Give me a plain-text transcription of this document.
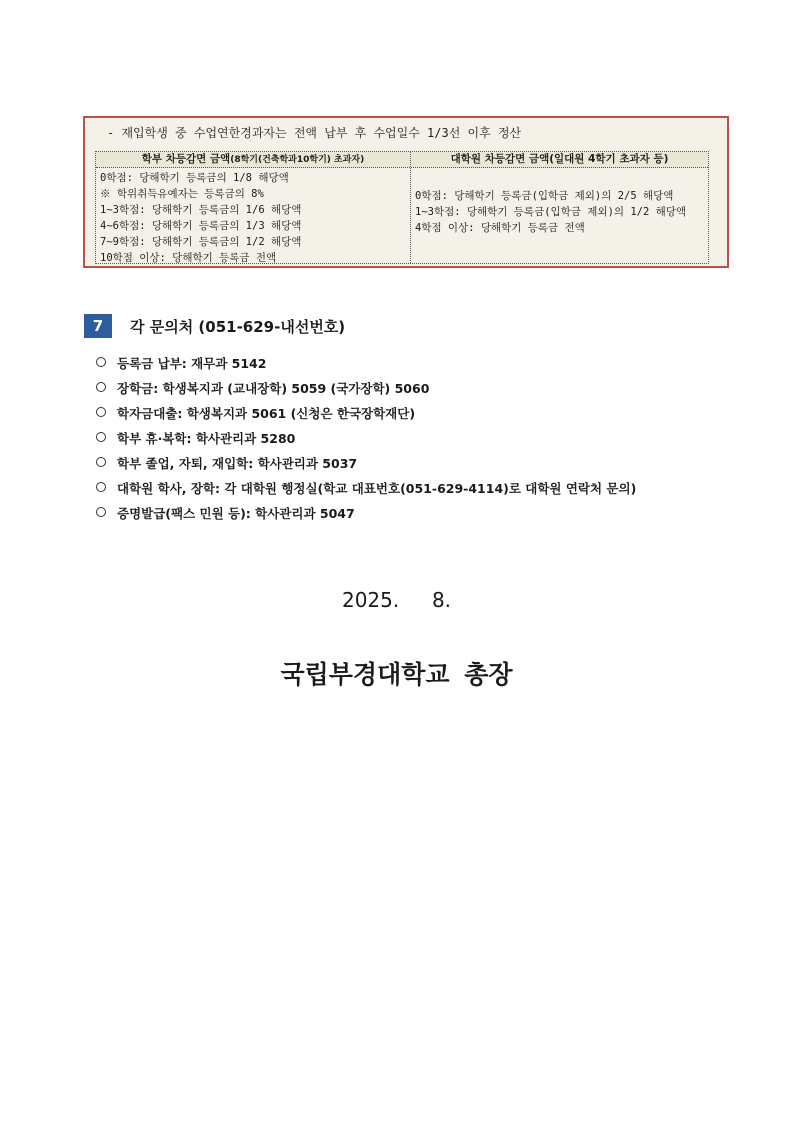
- 재입학생 중 수업연한경과자는 전액 납부 후 수업일수 1/3선 이후 정산
학부 차등감면 금액(8학기(건축학과10학기) 초과자)
0학점: 당해학기 등록금의 1/8 해당액
※ 학위취득유예자는 등록금의 8%
1~3학점: 당해학기 등록금의 1/6 해당액
4~6학점: 당해학기 등록금의 1/3 해당액
7~9학점: 당해학기 등록금의 1/2 해당액
10학점 이상: 당해학기 등록금 전액
대학원 차등감면 금액(일대원 4학기 초과자 등)
0학점: 당해학기 등록금(입학금 제외)의 2/5 해당액
1~3학점: 당해학기 등록금(입학금 제외)의 1/2 해당액
4학점 이상: 당해학기 등록금 전액
7	각 문의처 (051-629-내선번호)
등록금 납부: 재무과 5142
장학금: 학생복지과 (교내장학) 5059 (국가장학) 5060
학자금대출: 학생복지과 5061 (신청은 한국장학재단)
학부 휴·복학: 학사관리과 5280
학부 졸업, 자퇴, 재입학: 학사관리과 5037
대학원 학사, 장학: 각 대학원 행정실(학교 대표번호(051-629-4114)로 대학원 연락처 문의)
증명발급(팩스 민원 등): 학사관리과 5047
2025.  8.
국립부경대학교 총장
